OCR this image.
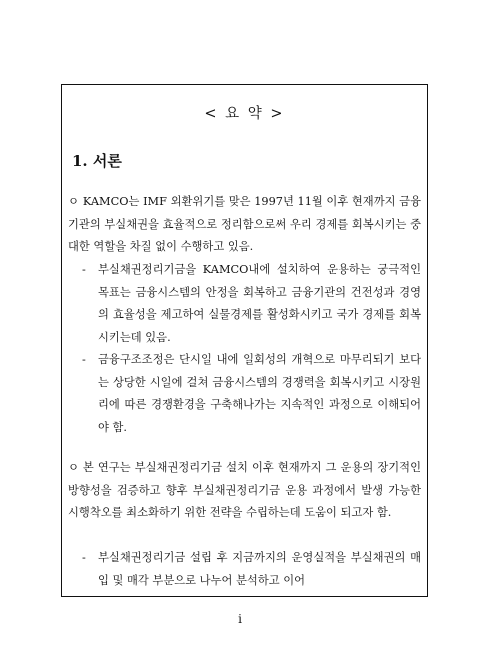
< 요 약 >
1. 서론
ㅇ KAMCO는 IMF 외환위기를 맞은 1997년 11월 이후 현재까지 금융기관의 부실채권을 효율적으로 정리함으로써 우리 경제를 회복시키는 중대한 역할을 차질 없이 수행하고 있음.
-	부실채권정리기금을 KAMCO내에 설치하여 운용하는 궁극적인 목표는 금융시스템의 안정을 회복하고 금융기관의 건전성과 경영의 효율성을 제고하여 실물경제를 활성화시키고 국가 경제를 회복시키는데 있음.
-	금융구조조정은 단시일 내에 일회성의 개혁으로 마무리되기 보다는 상당한 시일에 걸쳐 금융시스템의 경쟁력을 회복시키고 시장원리에 따른 경쟁환경을 구축해나가는 지속적인 과정으로 이해되어야 함.
ㅇ 본 연구는 부실채권정리기금 설치 이후 현재까지 그 운용의 장기적인 방향성을 검증하고 향후 부실채권정리기금 운용 과정에서 발생 가능한 시행착오를 최소화하기 위한 전략을 수립하는데 도움이 되고자 함.
-	부실채권정리기금 설립 후 지금까지의 운영실적을 부실채권의 매입 및 매각 부분으로 나누어 분석하고 이어
i
